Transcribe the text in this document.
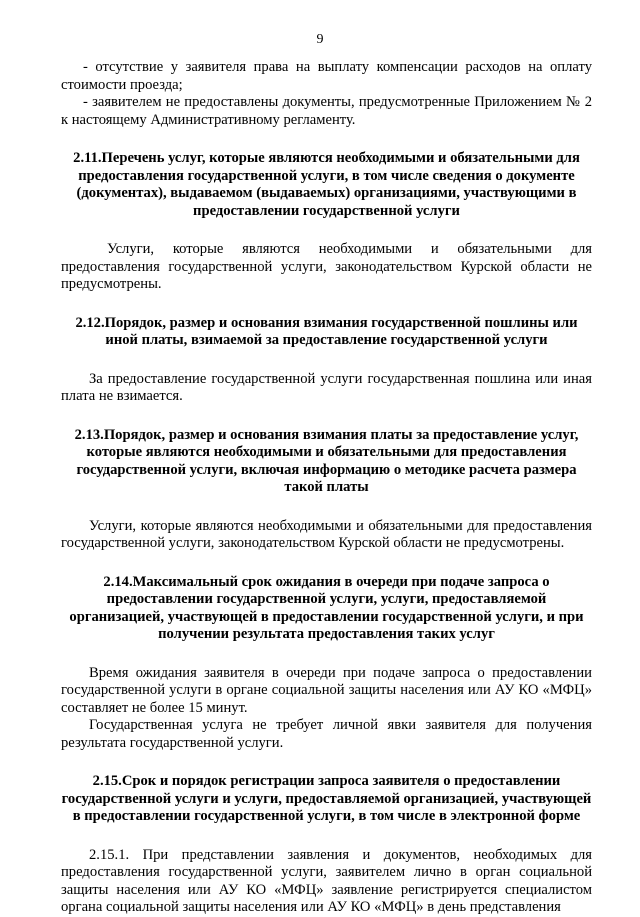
9

- отсутствие у заявителя права на выплату компенсации расходов на оплату стоимости проезда;

- заявителем не предоставлены документы, предусмотренные Приложением № 2 к настоящему Административному регламенту.

2.11.Перечень услуг, которые являются необходимыми и обязательными для предоставления государственной услуги, в том числе сведения о документе (документах), выдаваемом (выдаваемых) организациями, участвующими в предоставлении государственной услуги

Услуги, которые являются необходимыми и обязательными для предоставления государственной услуги, законодательством Курской области не предусмотрены.

2.12.Порядок, размер и основания взимания государственной пошлины или иной платы, взимаемой за предоставление государственной услуги

За предоставление государственной услуги государственная пошлина или иная плата не взимается.

2.13.Порядок, размер и основания взимания платы за предоставление услуг, которые являются необходимыми и обязательными для предоставления государственной услуги, включая информацию о методике расчета размера такой платы

Услуги, которые являются необходимыми и обязательными для предоставления государственной услуги, законодательством Курской области не предусмотрены.

2.14.Максимальный срок ожидания в очереди при подаче запроса о предоставлении государственной услуги, услуги, предоставляемой организацией, участвующей в предоставлении государственной услуги, и при получении результата предоставления таких услуг

Время ожидания заявителя в очереди при подаче запроса о предоставлении государственной услуги в органе социальной защиты населения или АУ КО «МФЦ» составляет не более 15 минут.

Государственная услуга не требует личной явки заявителя для получения результата государственной услуги.

2.15.Срок и порядок регистрации запроса заявителя о предоставлении государственной услуги и услуги, предоставляемой организацией, участвующей в предоставлении государственной услуги, в том числе в электронной форме

2.15.1. При представлении заявления и документов, необходимых для предоставления государственной услуги, заявителем лично в орган социальной защиты населения или АУ КО «МФЦ» заявление регистрируется специалистом органа социальной защиты населения или АУ КО «МФЦ» в день представления
